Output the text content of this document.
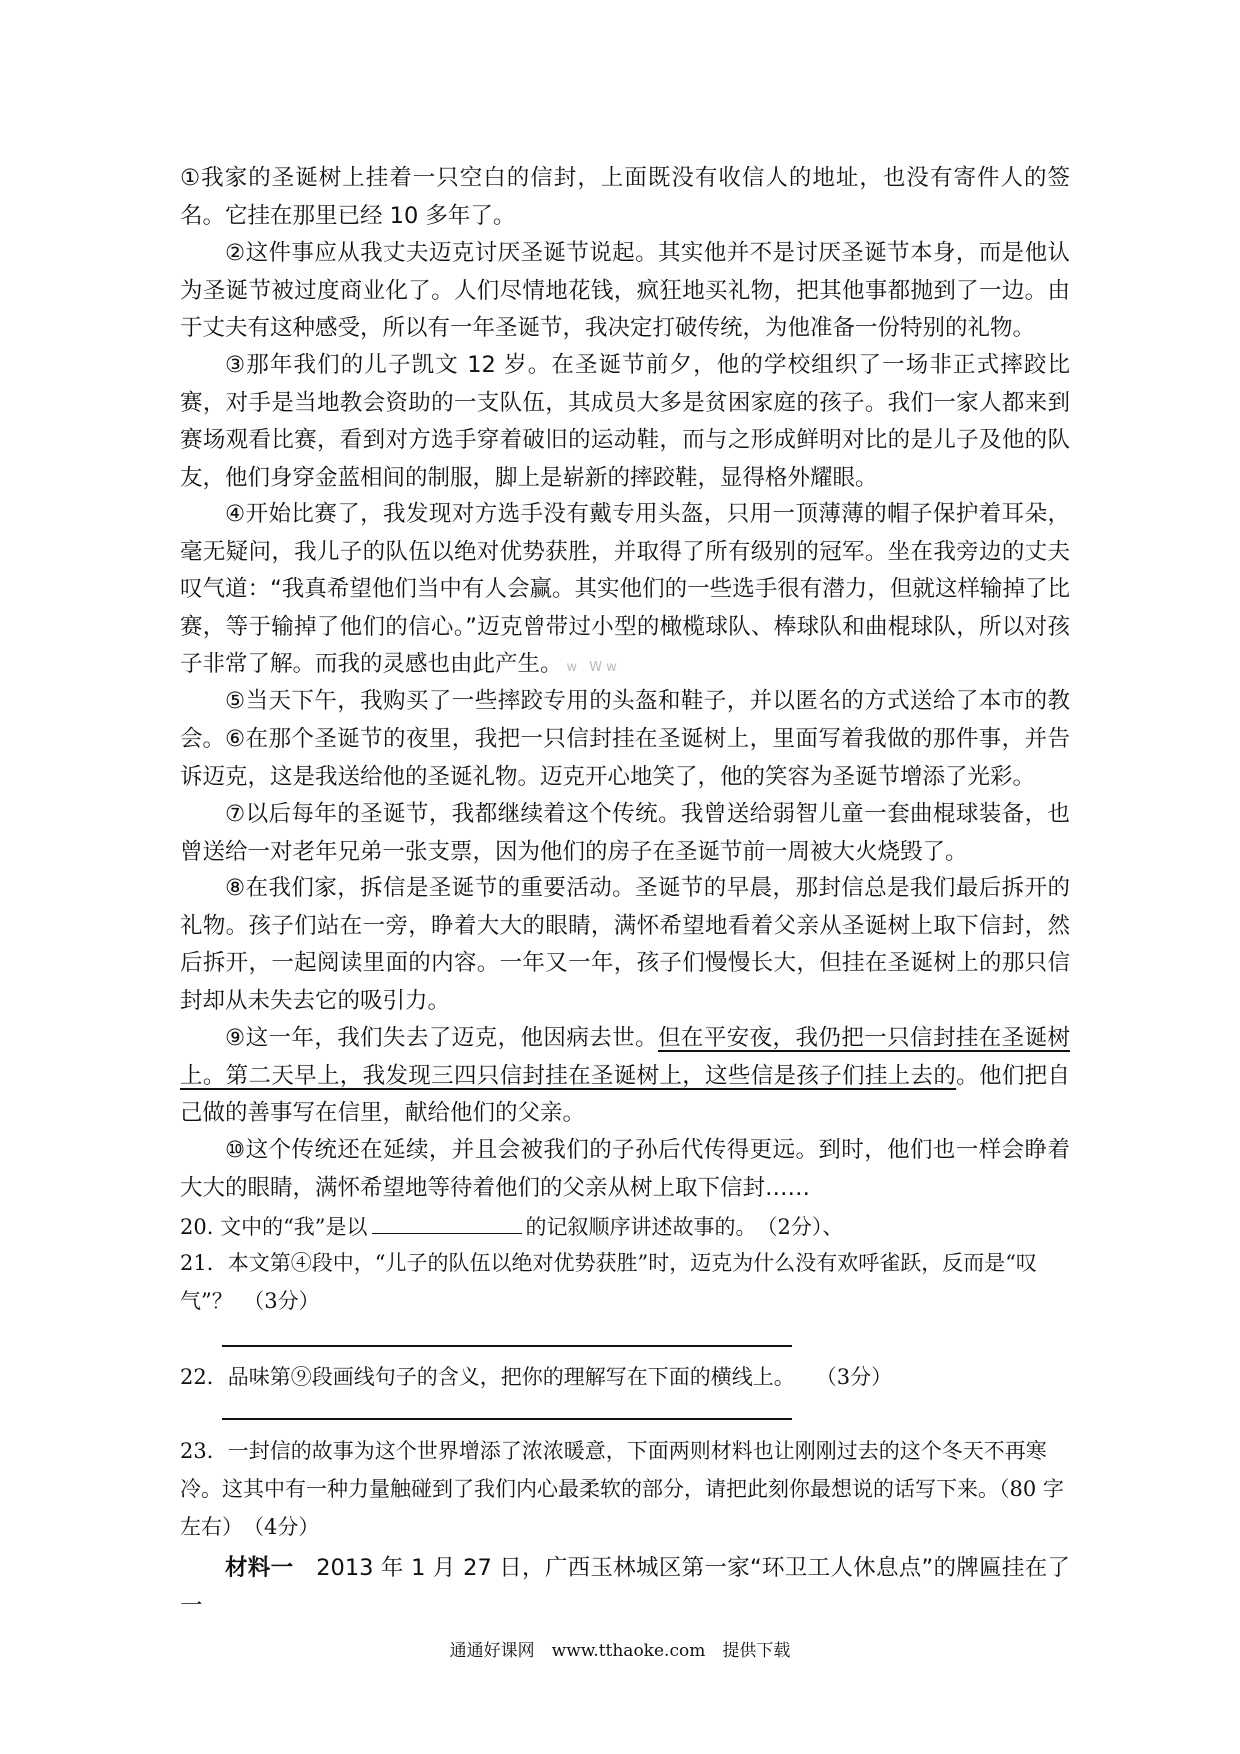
①我家的圣诞树上挂着一只空白的信封，上面既没有收信人的地址，也没有寄件人的签名。它挂在那里已经 10 多年了。

②这件事应从我丈夫迈克讨厌圣诞节说起。其实他并不是讨厌圣诞节本身，而是他认为圣诞节被过度商业化了。人们尽情地花钱，疯狂地买礼物，把其他事都抛到了一边。由于丈夫有这种感受，所以有一年圣诞节，我决定打破传统，为他准备一份特别的礼物。

③那年我们的儿子凯文 12 岁。在圣诞节前夕，他的学校组织了一场非正式摔跤比赛，对手是当地教会资助的一支队伍，其成员大多是贫困家庭的孩子。我们一家人都来到赛场观看比赛，看到对方选手穿着破旧的运动鞋，而与之形成鲜明对比的是儿子及他的队友，他们身穿金蓝相间的制服，脚上是崭新的摔跤鞋，显得格外耀眼。

④开始比赛了，我发现对方选手没有戴专用头盔，只用一顶薄薄的帽子保护着耳朵，毫无疑问，我儿子的队伍以绝对优势获胜，并取得了所有级别的冠军。坐在我旁边的丈夫叹气道：“我真希望他们当中有人会赢。其实他们的一些选手很有潜力，但就这样输掉了比赛，等于输掉了他们的信心。”迈克曾带过小型的橄榄球队、棒球队和曲棍球队，所以对孩子非常了解。而我的灵感也由此产生。 w Ww

⑤当天下午，我购买了一些摔跤专用的头盔和鞋子，并以匿名的方式送给了本市的教会。 ⑥在那个圣诞节的夜里，我把一只信封挂在圣诞树上，里面写着我做的那件事，并告诉迈克，这是我送给他的圣诞礼物。迈克开心地笑了，他的笑容为圣诞节增添了光彩。

⑦以后每年的圣诞节，我都继续着这个传统。我曾送给弱智儿童一套曲棍球装备，也曾送给一对老年兄弟一张支票，因为他们的房子在圣诞节前一周被大火烧毁了。

⑧在我们家，拆信是圣诞节的重要活动。圣诞节的早晨，那封信总是我们最后拆开的礼物。孩子们站在一旁，睁着大大的眼睛，满怀希望地看着父亲从圣诞树上取下信封，然后拆开，一起阅读里面的内容。一年又一年，孩子们慢慢长大，但挂在圣诞树上的那只信封却从未失去它的吸引力。

⑨这一年，我们失去了迈克，他因病去世。但在平安夜，我仍把一只信封挂在圣诞树上。第二天早上，我发现三四只信封挂在圣诞树上，这些信是孩子们挂上去的。他们把自己做的善事写在信里，献给他们的父亲。

⑩这个传统还在延续，并且会被我们的子孙后代传得更远。到时，他们也一样会睁着大大的眼睛，满怀希望地等待着他们的父亲从树上取下信封……

20. 文中的“我”是以	的记叙顺序讲述故事的。　（2分）、

21．本文第④段中，“儿子的队伍以绝对优势获胜”时，迈克为什么没有欢呼雀跃，反而是“叹气”？　（3分）

22．品味第⑨段画线句子的含义，把你的理解写在下面的横线上。　　（3分）

23．一封信的故事为这个世界增添了浓浓暖意，下面两则材料也让刚刚过去的这个冬天不再寒冷。这其中有一种力量触碰到了我们内心最柔软的部分，请把此刻你最想说的话写下来。（80 字左右）　（4分）

材料一　2013 年 1 月 27 日，广西玉林城区第一家“环卫工人休息点”的牌匾挂在了一

通通好课网　www.tthaoke.com　提供下载
